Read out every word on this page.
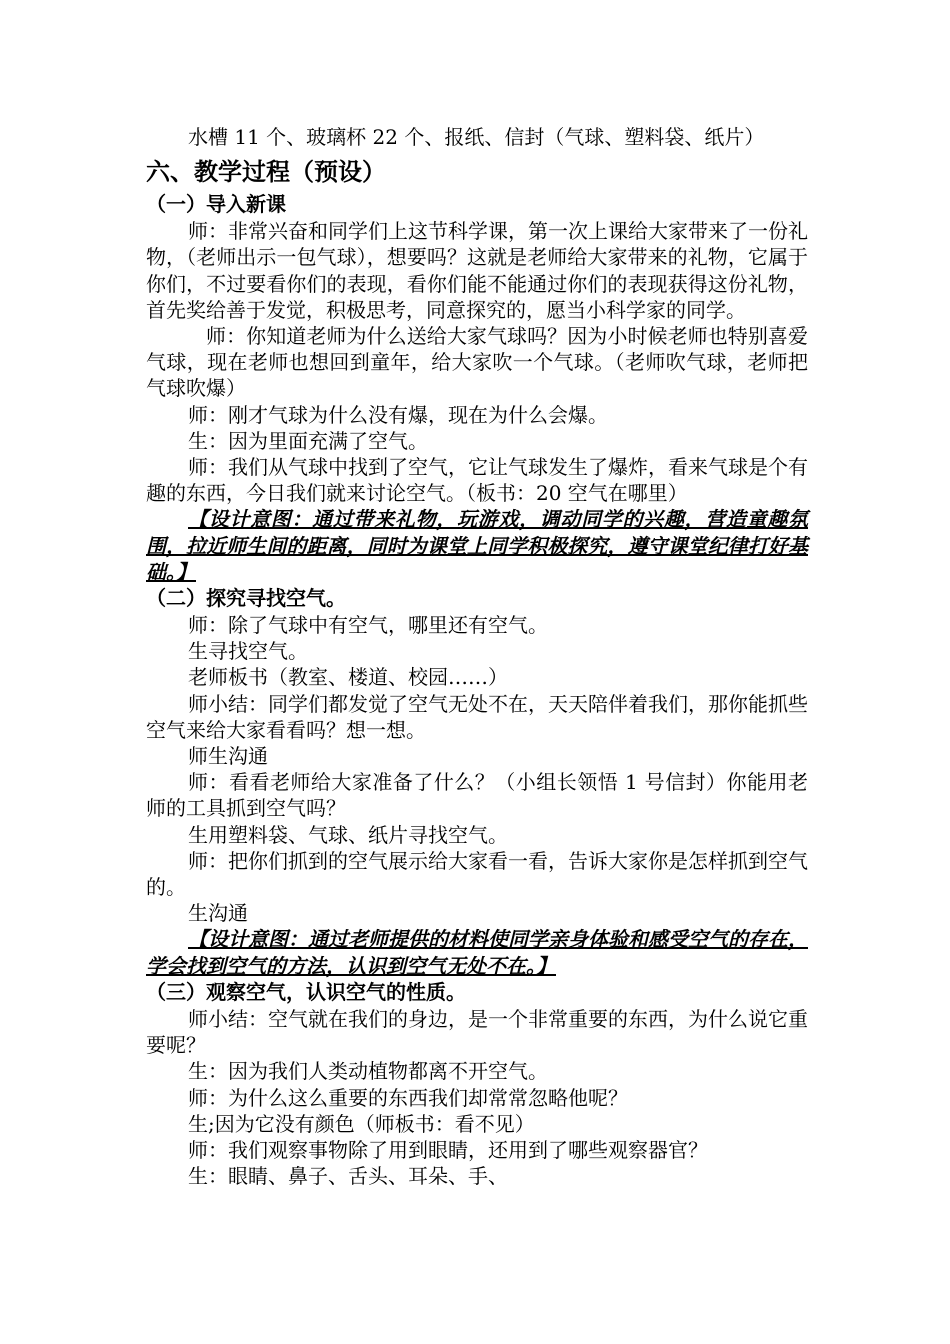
水槽 11 个、玻璃杯 22 个、报纸、信封（气球、塑料袋、纸片）

六、教学过程（预设）

（一）导入新课

师：非常兴奋和同学们上这节科学课，第一次上课给大家带来了一份礼物，（老师出示一包气球），想要吗？这就是老师给大家带来的礼物，它属于你们，不过要看你们的表现，看你们能不能通过你们的表现获得这份礼物，首先奖给善于发觉，积极思考，同意探究的，愿当小科学家的同学。

师：你知道老师为什么送给大家气球吗？因为小时候老师也特别喜爱气球，现在老师也想回到童年，给大家吹一个气球。（老师吹气球，老师把气球吹爆）

师：刚才气球为什么没有爆，现在为什么会爆。

生：因为里面充满了空气。

师：我们从气球中找到了空气，它让气球发生了爆炸，看来气球是个有趣的东西，今日我们就来讨论空气。（板书：20 空气在哪里）

【设计意图：通过带来礼物，玩游戏，调动同学的兴趣，营造童趣氛围，拉近师生间的距离，同时为课堂上同学积极探究，遵守课堂纪律打好基础。】

（二）探究寻找空气。

师：除了气球中有空气，哪里还有空气。

生寻找空气。

老师板书（教室、楼道、校园……）

师小结：同学们都发觉了空气无处不在，天天陪伴着我们，那你能抓些空气来给大家看看吗？想一想。

师生沟通

师：看看老师给大家准备了什么？（小组长领悟 1 号信封）你能用老师的工具抓到空气吗？

生用塑料袋、气球、纸片寻找空气。

师：把你们抓到的空气展示给大家看一看，告诉大家你是怎样抓到空气的。

生沟通

【设计意图：通过老师提供的材料使同学亲身体验和感受空气的存在，学会找到空气的方法，认识到空气无处不在。】

（三）观察空气，认识空气的性质。

师小结：空气就在我们的身边，是一个非常重要的东西，为什么说它重要呢？

生：因为我们人类动植物都离不开空气。

师：为什么这么重要的东西我们却常常忽略他呢？

生;因为它没有颜色（师板书：看不见）

师：我们观察事物除了用到眼睛，还用到了哪些观察器官？

生：眼睛、鼻子、舌头、耳朵、手、
